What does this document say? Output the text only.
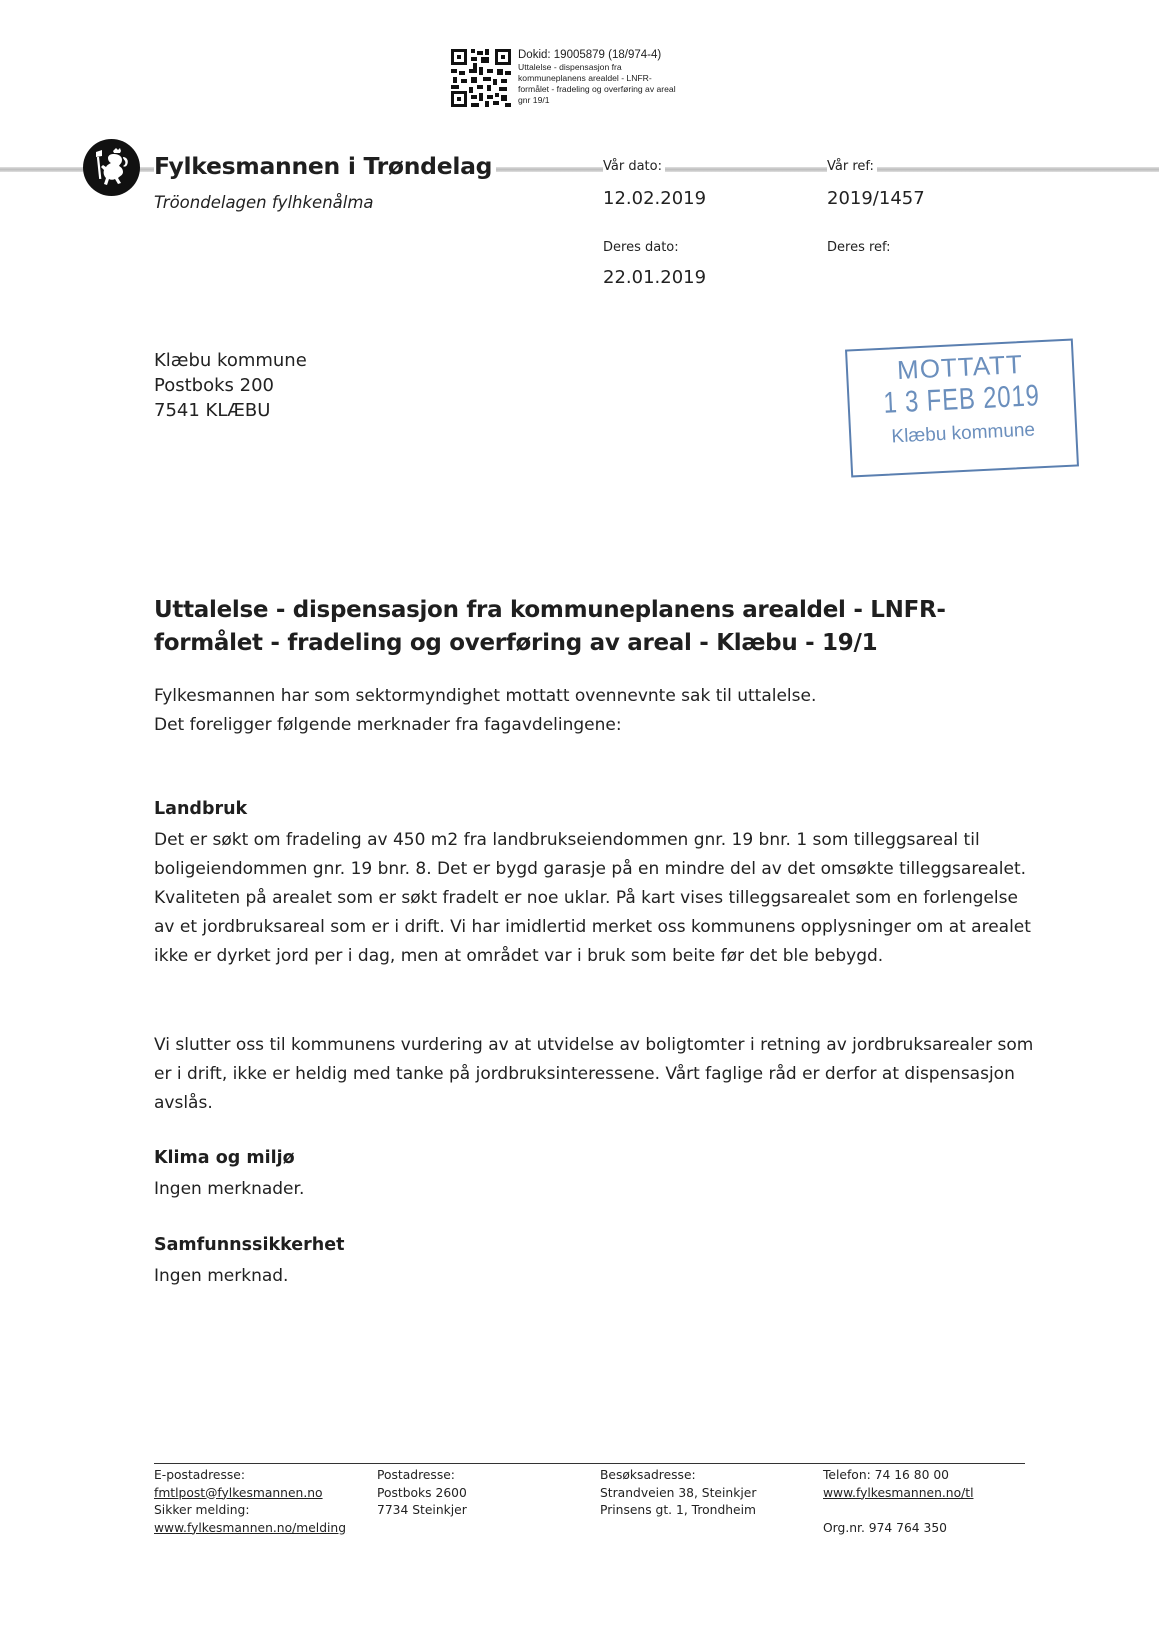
Dokid: 19005879 (18/974-4)
Uttalelse - dispensasjon fra kommuneplanens arealdel - LNFR-formålet - fradeling og overføring av areal gnr 19/1
Fylkesmannen i Trøndelag
Tröondelagen fylhkenålma
Vår dato:
12.02.2019
Vår ref:
2019/1457
Deres dato:
22.01.2019
Deres ref:
Klæbu kommune
Postboks 200
7541 KLÆBU
MOTTATT
1 3 FEB 2019
Klæbu kommune
Uttalelse - dispensasjon fra kommuneplanens arealdel - LNFR-formålet - fradeling og overføring av areal - Klæbu - 19/1
Fylkesmannen har som sektormyndighet mottatt ovennevnte sak til uttalelse.
Det foreligger følgende merknader fra fagavdelingene:
Landbruk
Det er søkt om fradeling av 450 m2 fra landbrukseiendommen gnr. 19 bnr. 1 som tilleggsareal til boligeiendommen gnr. 19 bnr. 8. Det er bygd garasje på en mindre del av det omsøkte tilleggsarealet. Kvaliteten på arealet som er søkt fradelt er noe uklar. På kart vises tilleggsarealet som en forlengelse av et jordbruksareal som er i drift. Vi har imidlertid merket oss kommunens opplysninger om at arealet ikke er dyrket jord per i dag, men at området var i bruk som beite før det ble bebygd.
Vi slutter oss til kommunens vurdering av at utvidelse av boligtomter i retning av jordbruksarealer som er i drift, ikke er heldig med tanke på jordbruksinteressene. Vårt faglige råd er derfor at dispensasjon avslås.
Klima og miljø
Ingen merknader.
Samfunnssikkerhet
Ingen merknad.
E-postadresse:
fmtlpost@fylkesmannen.no
Sikker melding:
www.fylkesmannen.no/melding
Postadresse:
Postboks 2600
7734 Steinkjer
Besøksadresse:
Strandveien 38, Steinkjer
Prinsens gt. 1, Trondheim
Telefon: 74 16 80 00
www.fylkesmannen.no/tl
Org.nr. 974 764 350
